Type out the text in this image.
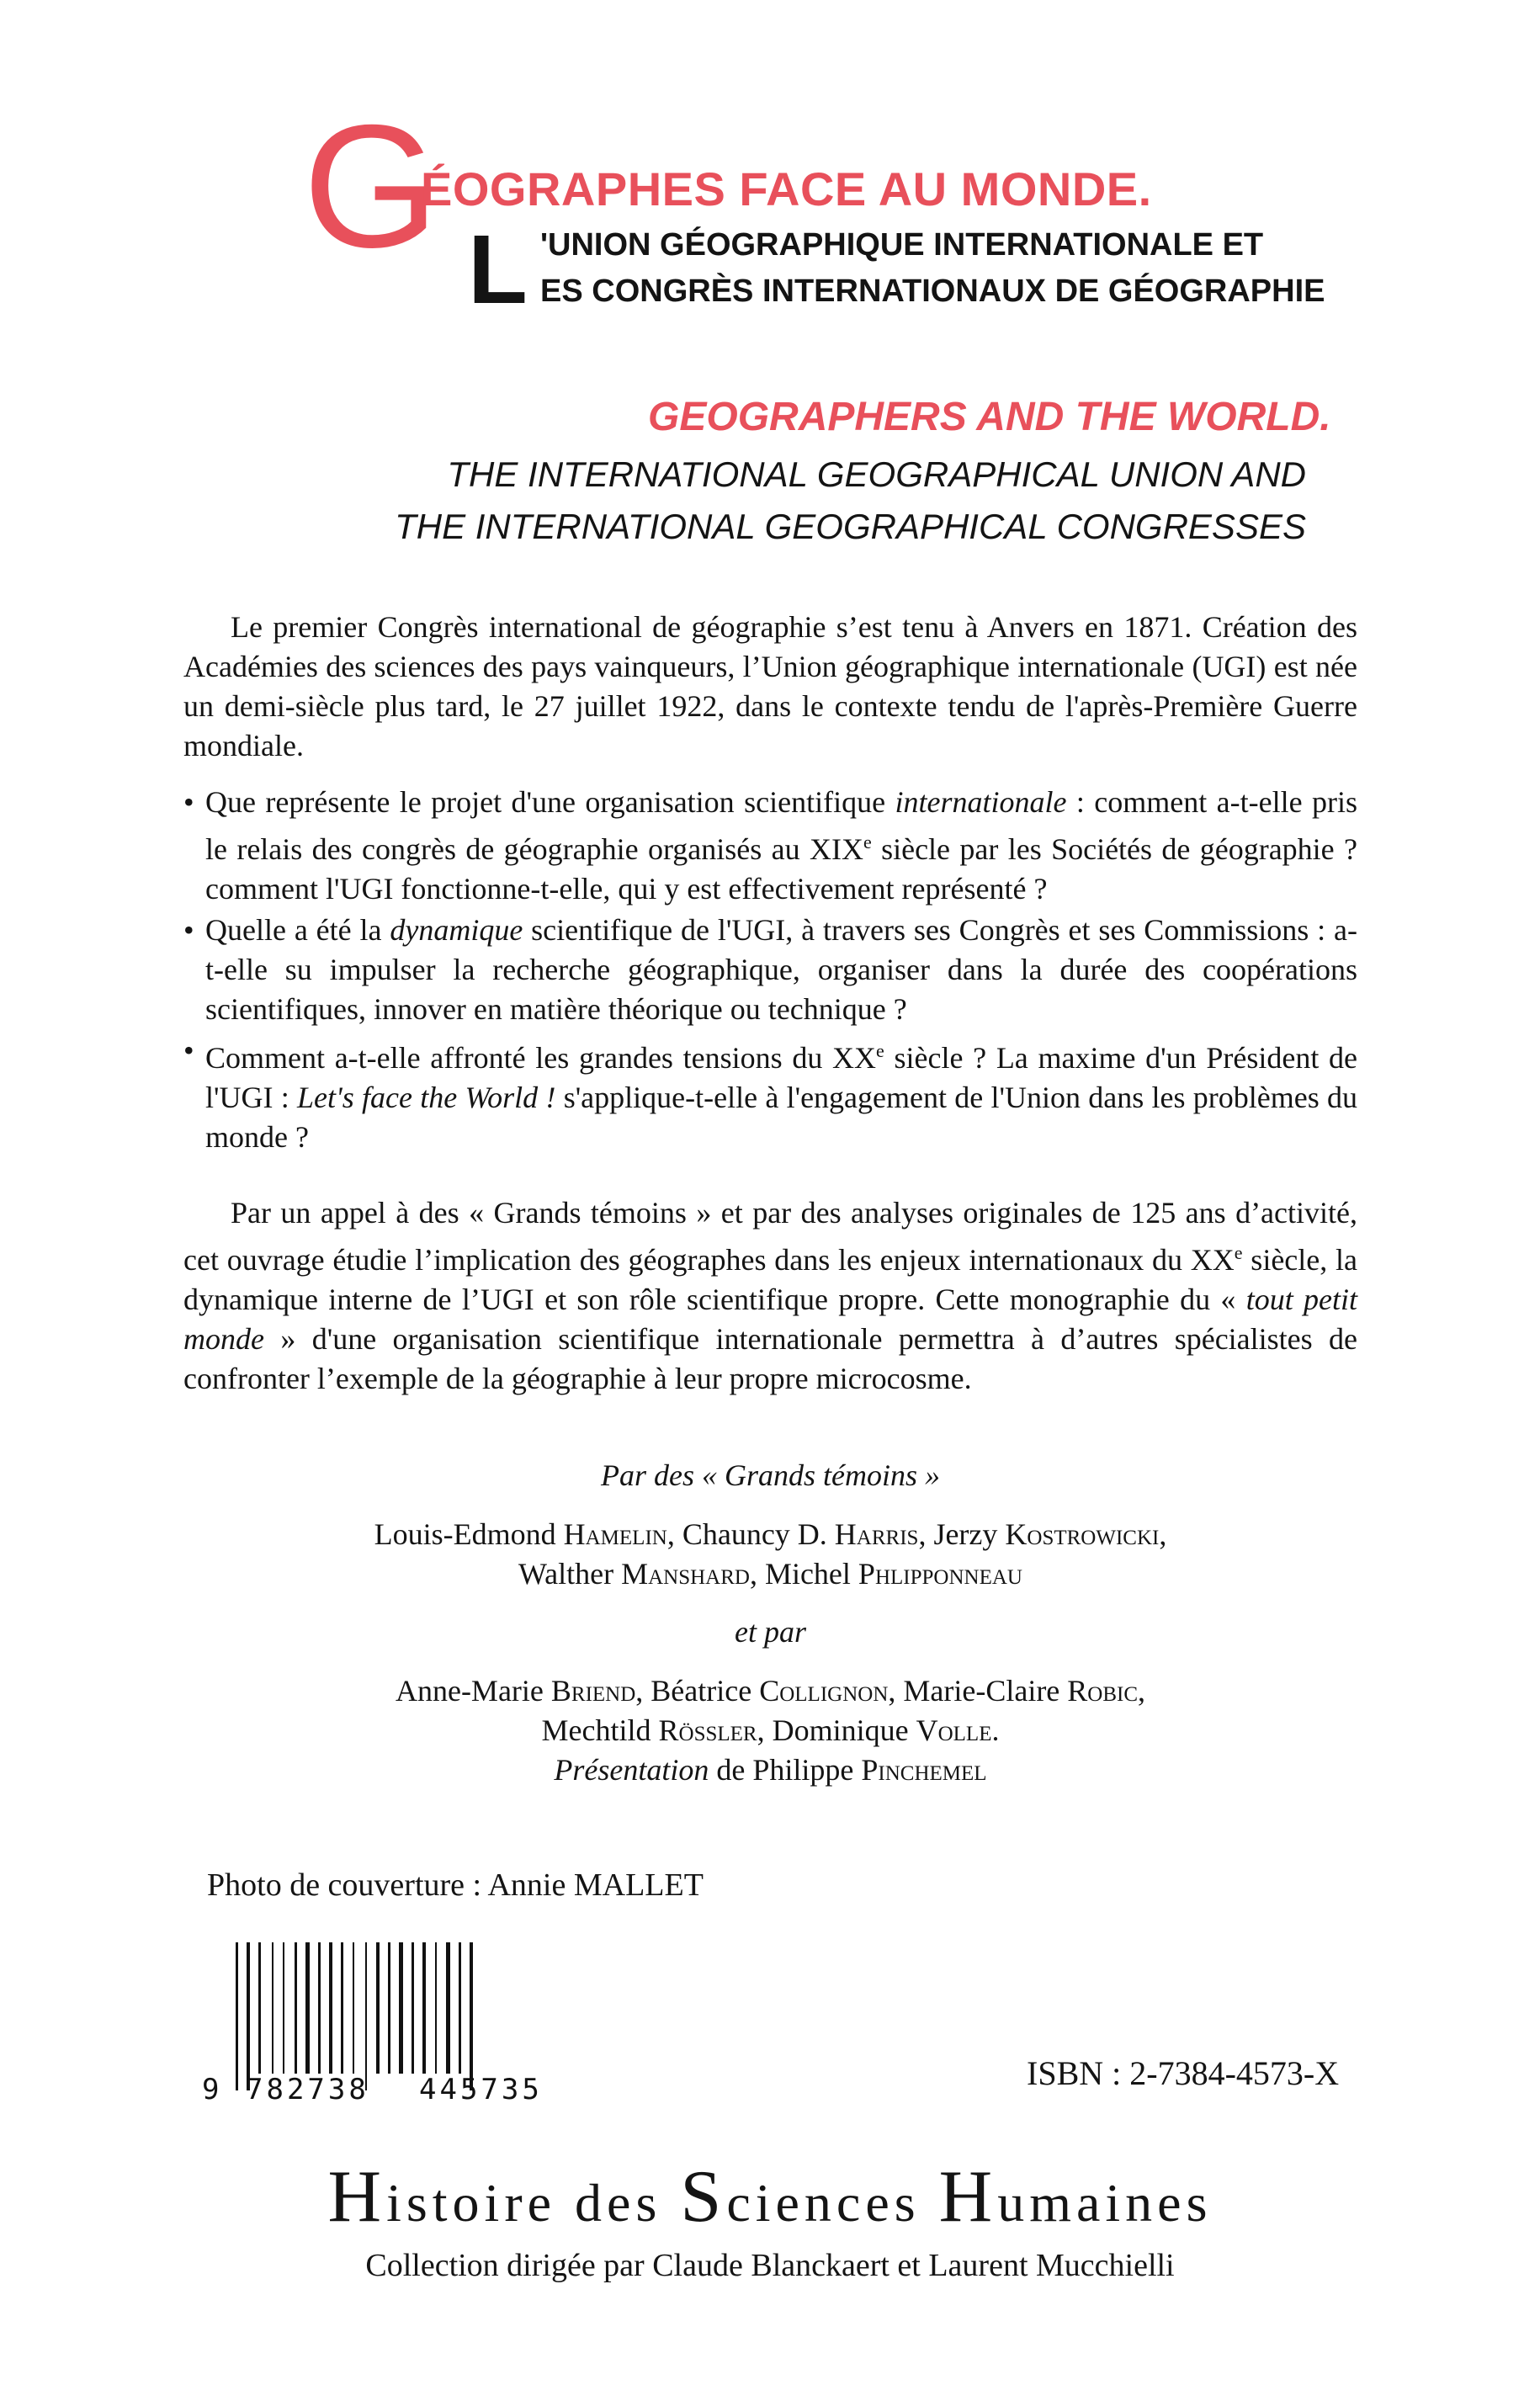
G
ÉOGRAPHES FACE AU MONDE.
L 'UNION GÉOGRAPHIQUE INTERNATIONALE ET
ES CONGRÈS INTERNATIONAUX DE GÉOGRAPHIE
GEOGRAPHERS AND THE WORLD.
THE INTERNATIONAL GEOGRAPHICAL UNION AND
THE INTERNATIONAL GEOGRAPHICAL CONGRESSES

Le premier Congrès international de géographie s’est tenu à Anvers en 1871. Création des Académies des sciences des pays vainqueurs, l’Union géographique internationale (UGI) est née un demi-siècle plus tard, le 27 juillet 1922, dans le contexte tendu de l'après-Première Guerre mondiale.

• Que représente le projet d'une organisation scientifique internationale : comment a-t-elle pris le relais des congrès de géographie organisés au XIXe siècle par les Sociétés de géographie ? comment l'UGI fonctionne-t-elle, qui y est effectivement représenté ?
• Quelle a été la dynamique scientifique de l'UGI, à travers ses Congrès et ses Commissions : a-t-elle su impulser la recherche géographique, organiser dans la durée des coopérations scientifiques, innover en matière théorique ou technique ?
• Comment a-t-elle affronté les grandes tensions du XXe siècle ? La maxime d'un Président de l'UGI : Let's face the World ! s'applique-t-elle à l'engagement de l'Union dans les problèmes du monde ?

Par un appel à des « Grands témoins » et par des analyses originales de 125 ans d’activité, cet ouvrage étudie l’implication des géographes dans les enjeux internationaux du XXe siècle, la dynamique interne de l’UGI et son rôle scientifique propre. Cette monographie du « tout petit monde » d'une organisation scientifique internationale permettra à d’autres spécialistes de confronter l’exemple de la géographie à leur propre microcosme.

Par des « Grands témoins »
Louis-Edmond Hamelin, Chauncy D. Harris, Jerzy Kostrowicki,
Walther Manshard, Michel Phlipponneau
et par
Anne-Marie Briend, Béatrice Collignon, Marie-Claire Robic,
Mechtild Rössler, Dominique Volle.
Présentation de Philippe Pinchemel
Photo de couverture : Annie MALLET
9 782738 445735	ISBN : 2-7384-4573-X
Histoire des Sciences Humaines
Collection dirigée par Claude Blanckaert et Laurent Mucchielli
